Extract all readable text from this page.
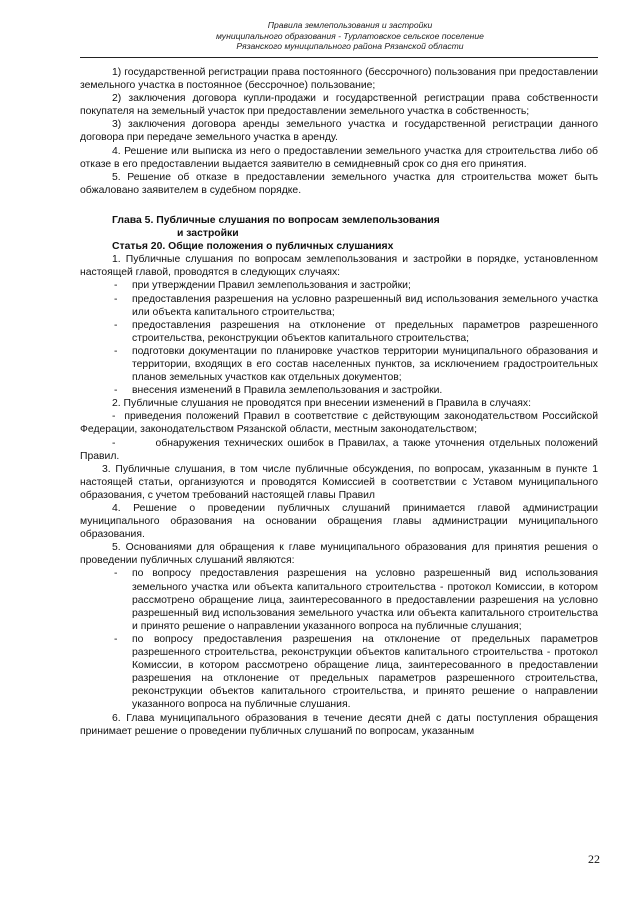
Правила землепользования и застройки
муниципального образования - Турлатовское сельское поселение
Рязанского муниципального района Рязанской области

1) государственной регистрации права постоянного (бессрочного) пользования при предоставлении земельного участка в постоянное (бессрочное) пользование;

2) заключения договора купли-продажи и государственной регистрации права собственности покупателя на земельный участок при предоставлении земельного участка в собственность;

3) заключения договора аренды земельного участка и государственной регистрации данного договора при передаче земельного участка в аренду.

4. Решение или выписка из него о предоставлении земельного участка для строительства либо об отказе в его предоставлении выдается заявителю в семидневный срок со дня его принятия.

5. Решение об отказе в предоставлении земельного участка для строительства может быть обжаловано заявителем в судебном порядке.

Глава 5. Публичные слушания по вопросам землепользования
и застройки

Статья 20. Общие положения о публичных слушаниях

1. Публичные слушания по вопросам землепользования и застройки в порядке, установленном настоящей главой, проводятся в следующих случаях:

- при утверждении Правил землепользования и застройки;
- предоставления разрешения на условно разрешенный вид использования земельного участка или объекта капитального строительства;
- предоставления разрешения на отклонение от предельных параметров разрешенного строительства, реконструкции объектов капитального строительства;
- подготовки документации по планировке участков территории муниципального образования и территории, входящих в его состав населенных пунктов, за исключением градостроительных планов земельных участков как отдельных документов;
- внесения изменений в Правила землепользования и застройки.

2. Публичные слушания не проводятся при внесении изменений в Правила в случаях:

-  приведения положений Правил в соответствие с действующим законодательством Российской Федерации, законодательством Рязанской области, местным законодательством;

-         обнаружения технических ошибок в Правилах, а также уточнения отдельных положений Правил.

3. Публичные слушания, в том числе публичные обсуждения, по вопросам, указанным в пункте 1 настоящей статьи, организуются и проводятся Комиссией в соответствии с Уставом муниципального образования, с учетом требований настоящей главы Правил

4. Решение о проведении публичных слушаний принимается главой администрации муниципального образования на основании обращения главы администрации муниципального образования.

5. Основаниями для обращения к главе муниципального образования для принятия решения о проведении публичных слушаний являются:

- по вопросу предоставления разрешения на условно разрешенный вид использования земельного участка или объекта капитального строительства - протокол Комиссии, в котором рассмотрено обращение лица, заинтересованного в предоставлении разрешения на условно разрешенный вид использования земельного участка или объекта капитального строительства и принято решение о направлении указанного вопроса на публичные слушания;
- по вопросу предоставления разрешения на отклонение от предельных параметров разрешенного строительства, реконструкции объектов капитального строительства - протокол Комиссии, в котором рассмотрено обращение лица, заинтересованного в предоставлении разрешения на отклонение от предельных параметров разрешенного строительства, реконструкции объектов капитального строительства, и принято решение о направлении указанного вопроса на публичные слушания.

6. Глава муниципального образования в течение десяти дней с даты поступления обращения принимает решение о проведении публичных слушаний по вопросам, указанным

22
